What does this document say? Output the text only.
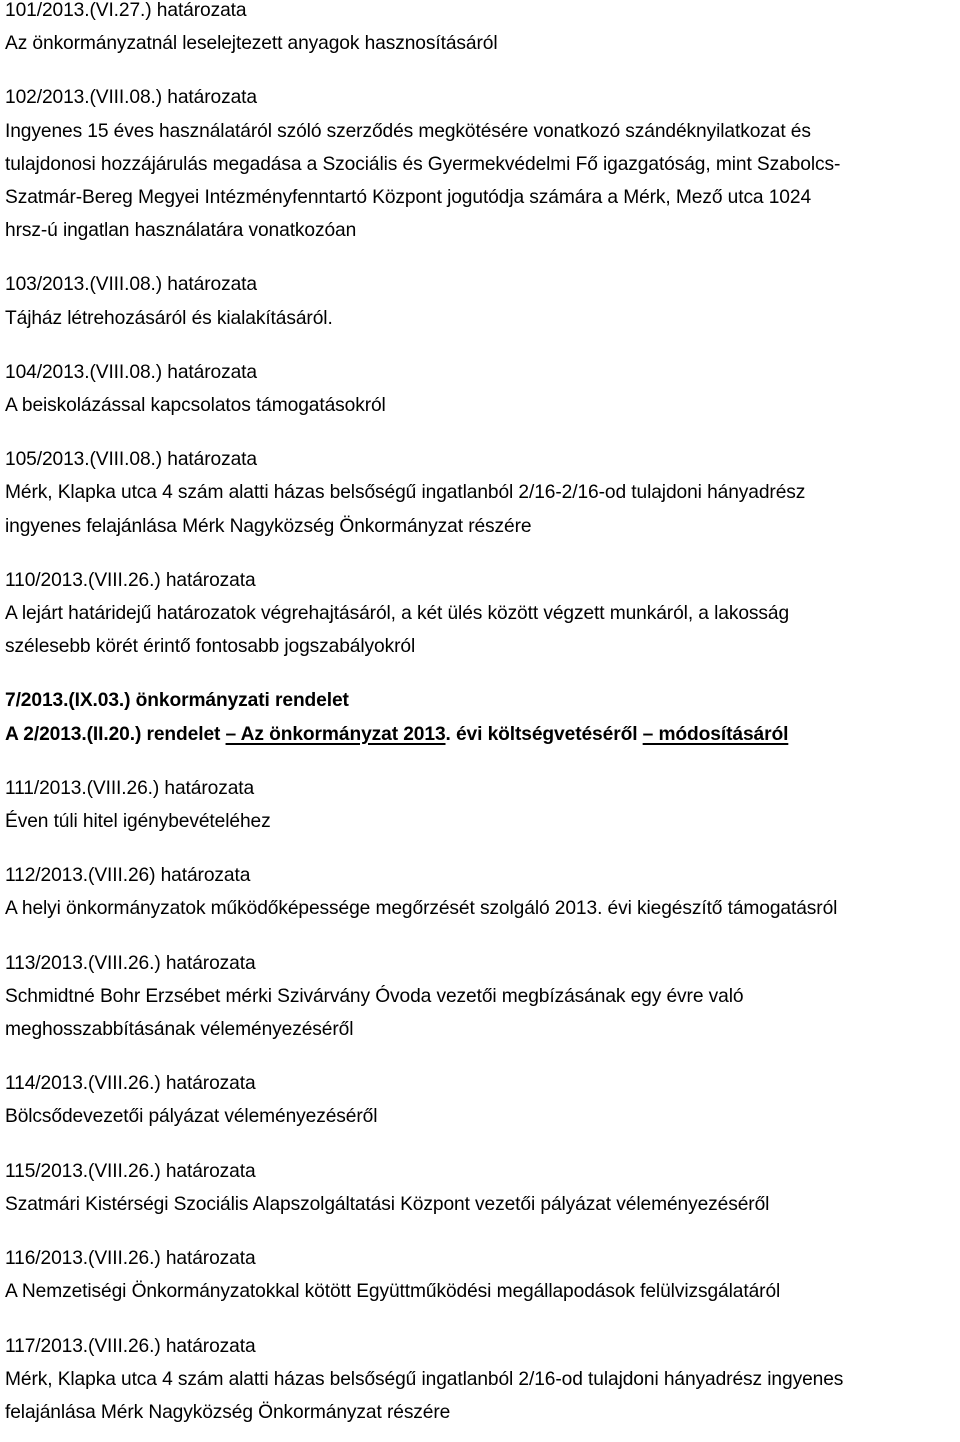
101/2013.(VI.27.) határozata
Az önkormányzatnál leselejtezett anyagok hasznosításáról
102/2013.(VIII.08.) határozata
Ingyenes 15 éves használatáról szóló szerződés megkötésére vonatkozó szándéknyilatkozat és
tulajdonosi hozzájárulás megadása a Szociális és Gyermekvédelmi Fő igazgatóság, mint Szabolcs-
Szatmár-Bereg Megyei Intézményfenntartó Központ jogutódja számára a Mérk, Mező utca 1024
hrsz-ú ingatlan használatára vonatkozóan
103/2013.(VIII.08.) határozata
Tájház létrehozásáról és kialakításáról.
104/2013.(VIII.08.) határozata
A beiskolázással kapcsolatos támogatásokról
105/2013.(VIII.08.) határozata
Mérk, Klapka utca 4 szám alatti házas belsőségű ingatlanból 2/16-2/16-od tulajdoni hányadrész
ingyenes felajánlása Mérk Nagyközség Önkormányzat részére
110/2013.(VIII.26.) határozata
A lejárt határidejű határozatok végrehajtásáról, a két ülés között végzett munkáról, a lakosság
szélesebb körét érintő fontosabb jogszabályokról
7/2013.(IX.03.) önkormányzati rendelet
A 2/2013.(II.20.) rendelet – Az önkormányzat 2013. évi költségvetéséről – módosításáról
111/2013.(VIII.26.) határozata
Éven túli hitel igénybevételéhez
112/2013.(VIII.26) határozata
A helyi önkormányzatok működőképessége megőrzését szolgáló 2013. évi kiegészítő támogatásról
113/2013.(VIII.26.) határozata
Schmidtné Bohr Erzsébet mérki Szivárvány Óvoda vezetői megbízásának egy évre való
meghosszabbításának véleményezéséről
114/2013.(VIII.26.) határozata
Bölcsődevezetői pályázat véleményezéséről
115/2013.(VIII.26.) határozata
Szatmári Kistérségi Szociális Alapszolgáltatási Központ vezetői pályázat véleményezéséről
116/2013.(VIII.26.) határozata
A Nemzetiségi Önkormányzatokkal kötött Együttműködési megállapodások felülvizsgálatáról
117/2013.(VIII.26.) határozata
Mérk, Klapka utca 4 szám alatti házas belsőségű ingatlanból 2/16-od tulajdoni hányadrész ingyenes
felajánlása Mérk Nagyközség Önkormányzat részére
